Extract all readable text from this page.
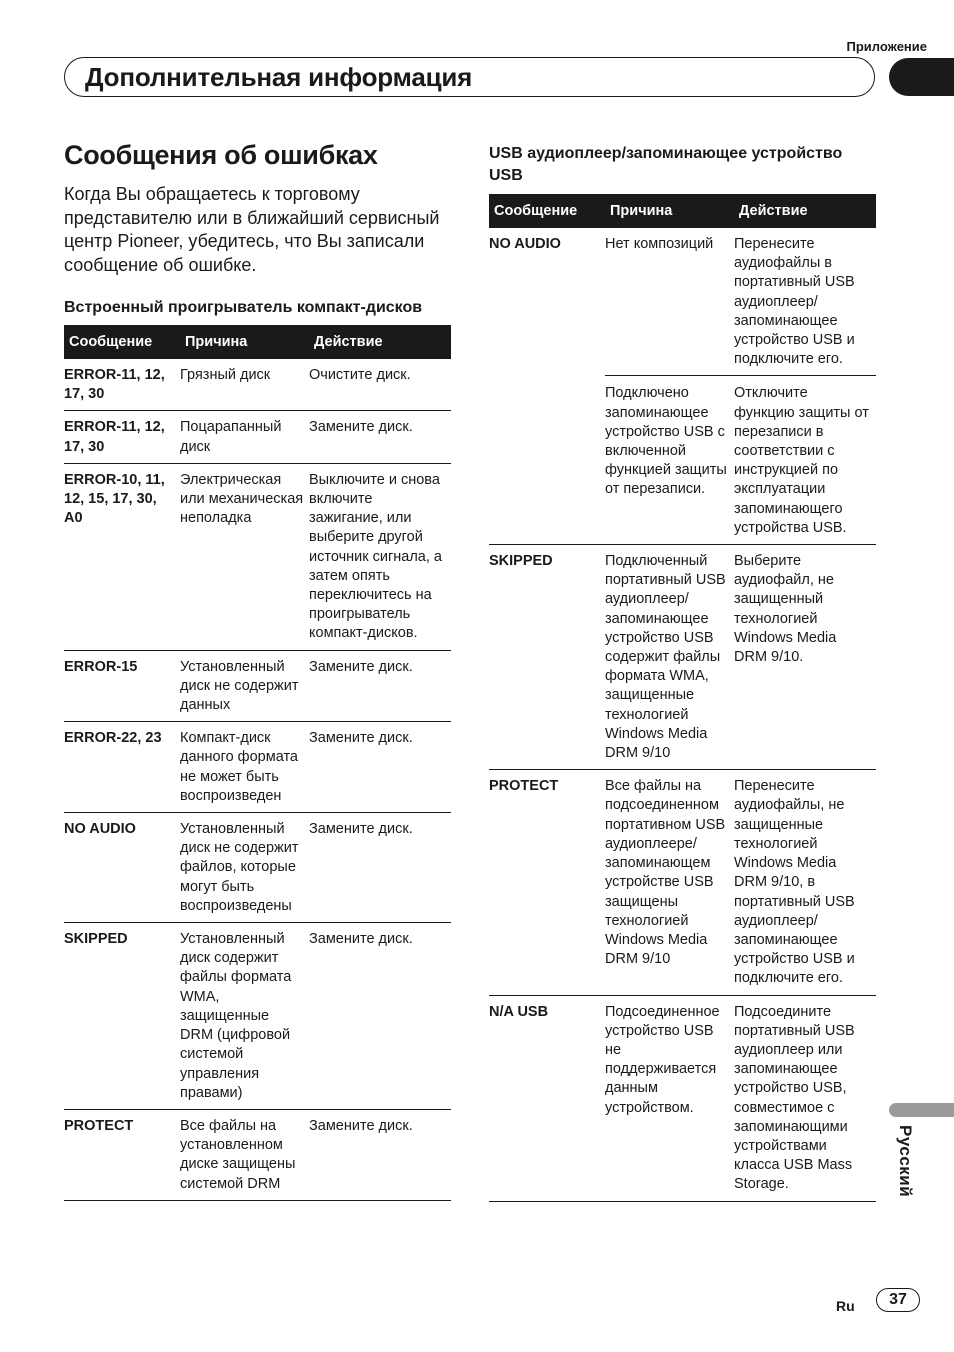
Приложение
Дополнительная информация
Сообщения об ошибках

Когда Вы обращаетесь к торговому представителю или в ближайший сервисный центр Pioneer, убедитесь, что Вы записали сообщение об ошибке.

Встроенный проигрыватель компакт-дисков
Сообщение	Причина	Действие
ERROR-11, 12, 17, 30	Грязный диск	Очистите диск.
ERROR-11, 12, 17, 30	Поцарапанный диск	Замените диск.
ERROR-10, 11, 12, 15, 17, 30, A0	Электрическая или механическая неполадка	Выключите и снова включите зажигание, или выберите другой источник сигнала, а затем опять переключитесь на проигрыватель компакт-дисков.
ERROR-15	Установленный диск не содержит данных	Замените диск.
ERROR-22, 23	Компакт-диск данного формата не может быть воспроизведен	Замените диск.
NO AUDIO	Установленный диск не содержит файлов, которые могут быть воспроизведены	Замените диск.
SKIPPED	Установленный диск содержит файлы формата WMA, защищенные DRM (цифровой системой управления правами)	Замените диск.
PROTECT	Все файлы на установленном диске защищены системой DRM	Замените диск.
USB аудиоплеер/запоминающее устройство USB
Сообщение	Причина	Действие
NO AUDIO	Нет композиций	Перенесите аудиофайлы в портативный USB аудиоплеер/запоминающее устройство USB и подключите его.
	Подключено запоминающее устройство USB с включенной функцией защиты от перезаписи.	Отключите функцию защиты от перезаписи в соответствии с инструкцией по эксплуатации запоминающего устройства USB.
SKIPPED	Подключенный портативный USB аудиоплеер/запоминающее устройство USB содержит файлы формата WMA, защищенные технологией Windows Media DRM 9/10	Выберите аудиофайл, не защищенный технологией Windows Media DRM 9/10.
PROTECT	Все файлы на подсоединенном портативном USB аудиоплеере/запоминающем устройстве USB защищены технологией Windows Media DRM 9/10	Перенесите аудиофайлы, не защищенные технологией Windows Media DRM 9/10, в портативный USB аудиоплеер/запоминающее устройство USB и подключите его.
N/A USB	Подсоединенное устройство USB не поддерживается данным устройством.	Подсоедините портативный USB аудиоплеер или запоминающее устройство USB, совместимое с запоминающими устройствами класса USB Mass Storage.	Русский
Ru 37
